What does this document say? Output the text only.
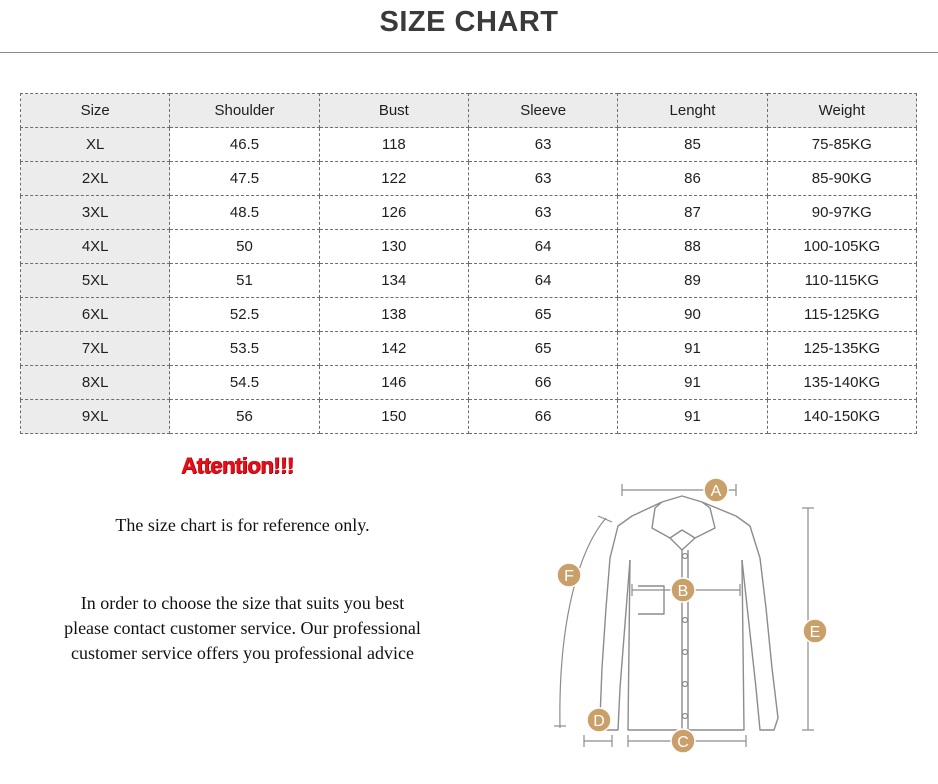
SIZE CHART
Size	Shoulder	Bust	Sleeve	Lenght	Weight
XL	46.5	118	63	85	75-85KG
2XL	47.5	122	63	86	85-90KG
3XL	48.5	126	63	87	90-97KG
4XL	50	130	64	88	100-105KG
5XL	51	134	64	89	110-115KG
6XL	52.5	138	65	90	115-125KG
7XL	53.5	142	65	91	125-135KG
8XL	54.5	146	66	91	135-140KG
9XL	56	150	66	91	140-150KG
Attention!!!
The size chart is for reference only.
In order to choose the size that suits you best
please contact customer service. Our professional
customer service offers you professional advice
A
B
C
D
E
F
